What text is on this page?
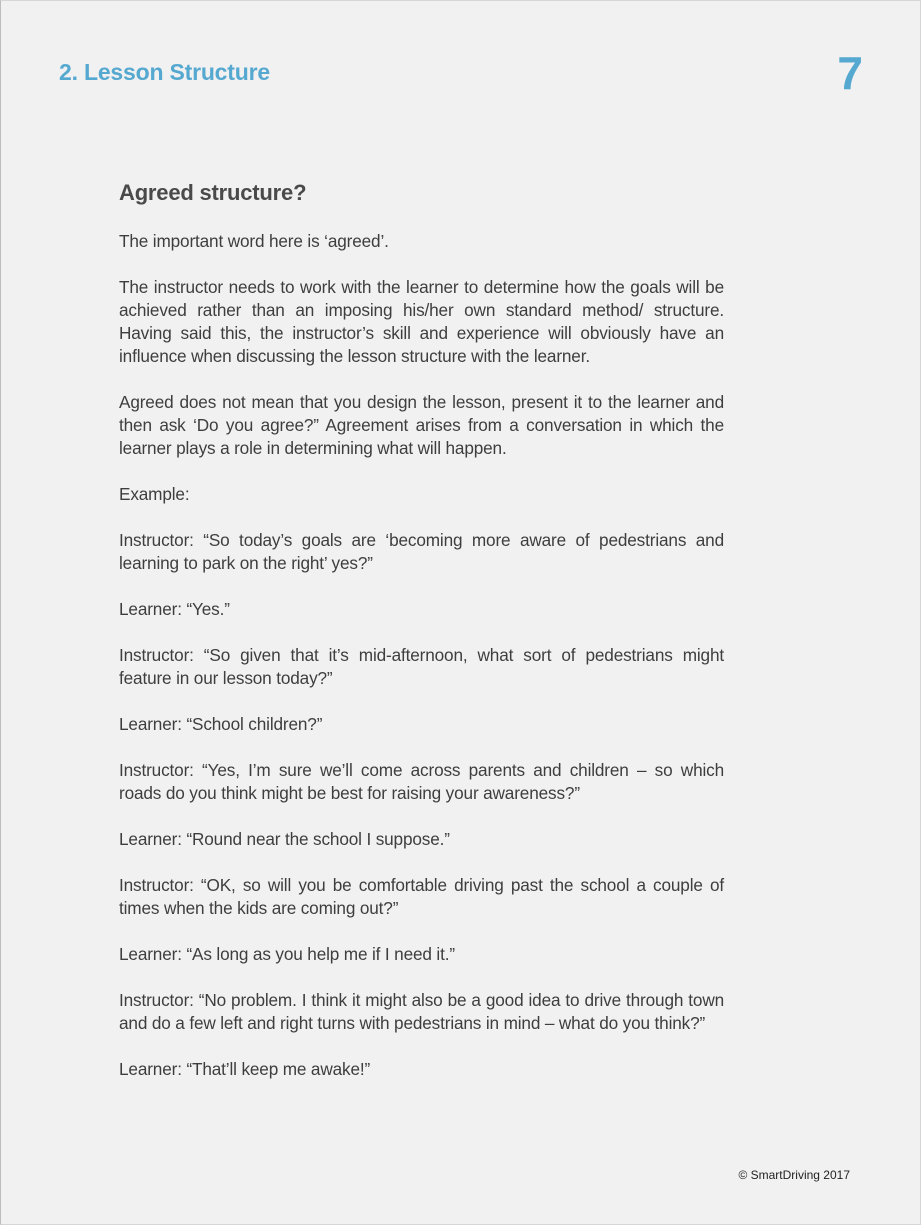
2. Lesson Structure	7
Agreed structure?

The important word here is ‘agreed’.

The instructor needs to work with the learner to determine how the goals will be achieved rather than an imposing his/her own standard method/ structure. Having said this, the instructor’s skill and experience will obviously have an influence when discussing the lesson structure with the learner.

Agreed does not mean that you design the lesson, present it to the learner and then ask ‘Do you agree?” Agreement arises from a conversation in which the learner plays a role in determining what will happen.

Example:

Instructor: “So today’s goals are ‘becoming more aware of pedestrians and learning to park on the right’ yes?”

Learner: “Yes.”

Instructor: “So given that it’s mid-afternoon, what sort of pedestrians might feature in our lesson today?”

Learner: “School children?”

Instructor: “Yes, I’m sure we’ll come across parents and children – so which roads do you think might be best for raising your awareness?”

Learner: “Round near the school I suppose.”

Instructor: “OK, so will you be comfortable driving past the school a couple of times when the kids are coming out?”

Learner: “As long as you help me if I need it.”

Instructor: “No problem. I think it might also be a good idea to drive through town and do a few left and right turns with pedestrians in mind – what do you think?”

Learner: “That’ll keep me awake!”

© SmartDriving 2017
